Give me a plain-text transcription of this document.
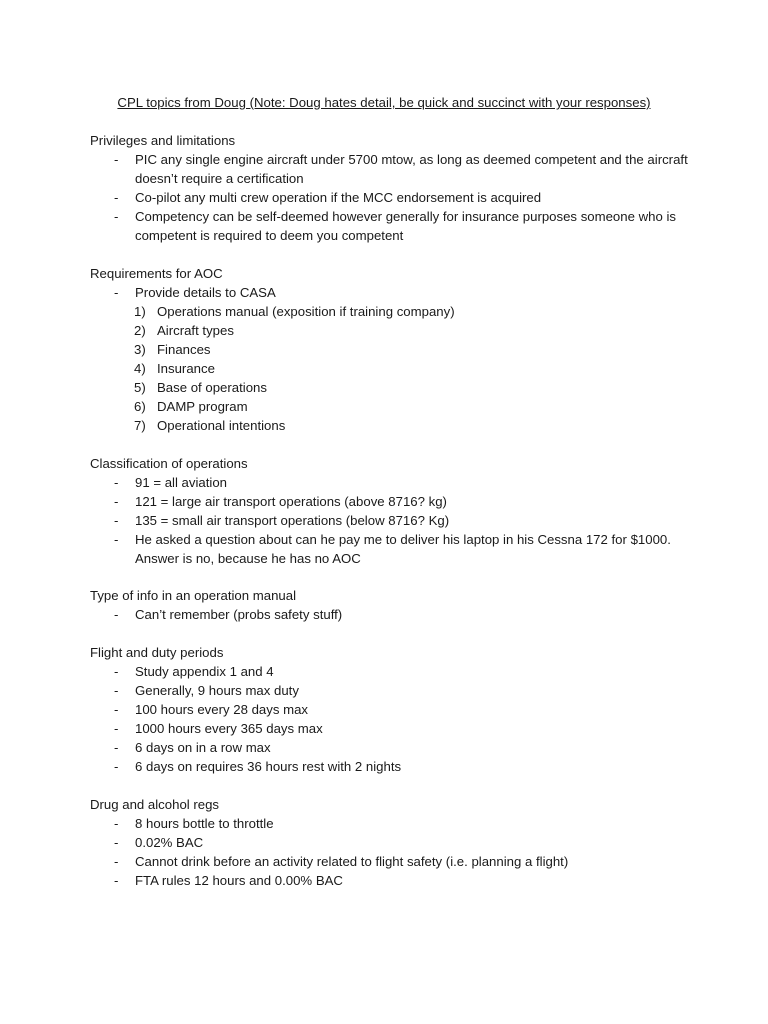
CPL topics from Doug (Note: Doug hates detail, be quick and succinct with your responses)
Privileges and limitations
- PIC any single engine aircraft under 5700 mtow, as long as deemed competent and the aircraft doesn’t require a certification
- Co-pilot any multi crew operation if the MCC endorsement is acquired
- Competency can be self-deemed however generally for insurance purposes someone who is competent is required to deem you competent
Requirements for AOC
- Provide details to CASA
1) Operations manual (exposition if training company)
2) Aircraft types
3) Finances
4) Insurance
5) Base of operations
6) DAMP program
7) Operational intentions
Classification of operations
- 91 = all aviation
- 121 = large air transport operations (above 8716? kg)
- 135 = small air transport operations (below 8716? Kg)
- He asked a question about can he pay me to deliver his laptop in his Cessna 172 for $1000. Answer is no, because he has no AOC
Type of info in an operation manual
- Can’t remember (probs safety stuff)
Flight and duty periods
- Study appendix 1 and 4
- Generally, 9 hours max duty
- 100 hours every 28 days max
- 1000 hours every 365 days max
- 6 days on in a row max
- 6 days on requires 36 hours rest with 2 nights
Drug and alcohol regs
- 8 hours bottle to throttle
- 0.02% BAC
- Cannot drink before an activity related to flight safety (i.e. planning a flight)
- FTA rules 12 hours and 0.00% BAC
